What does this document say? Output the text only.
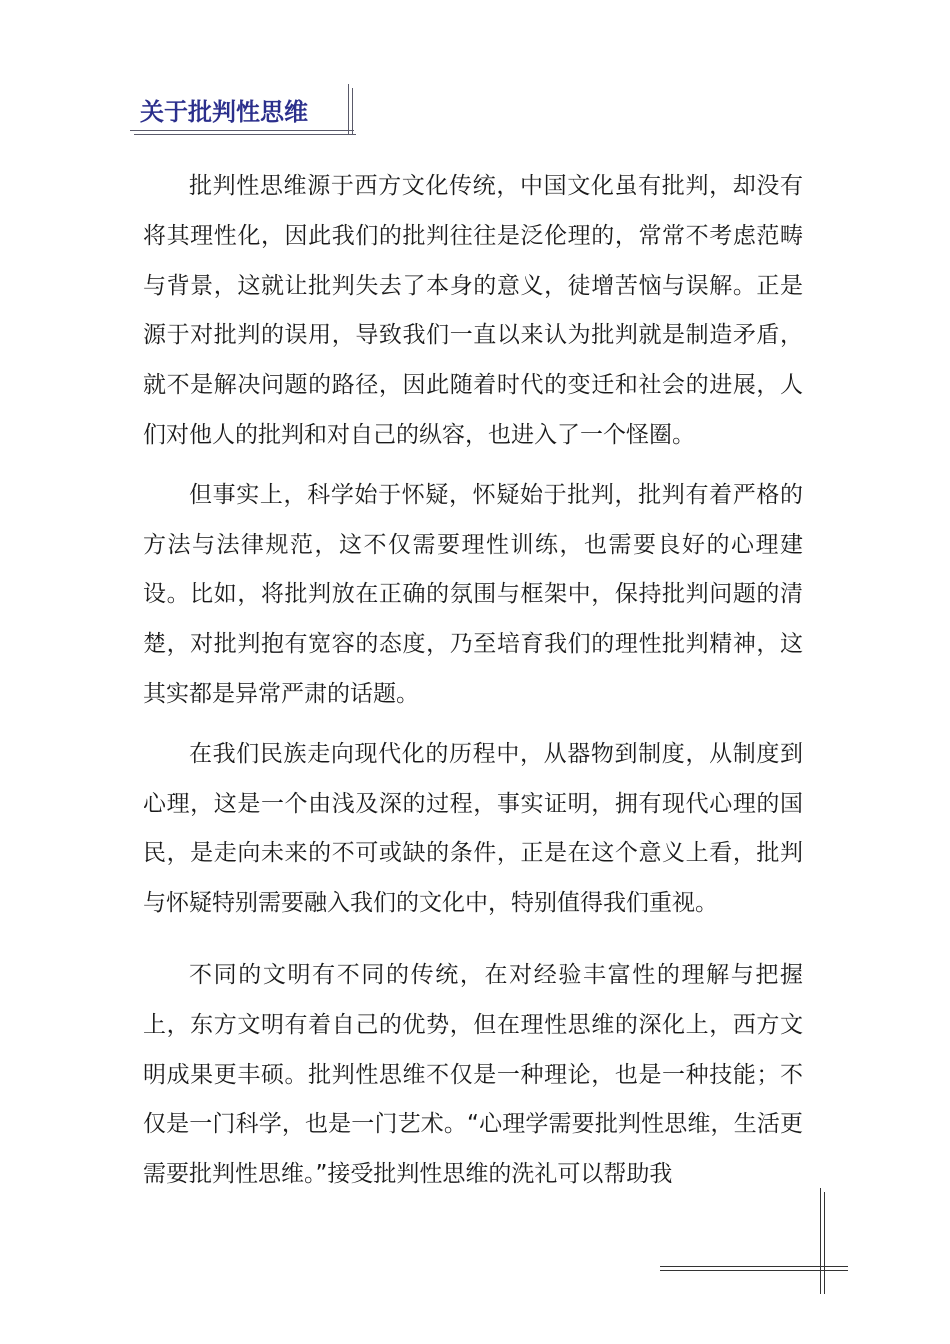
关于批判性思维

批判性思维源于西方文化传统，中国文化虽有批判，却没有将其理性化，因此我们的批判往往是泛伦理的，常常不考虑范畴与背景，这就让批判失去了本身的意义，徒增苦恼与误解。正是源于对批判的误用，导致我们一直以来认为批判就是制造矛盾，就不是解决问题的路径，因此随着时代的变迁和社会的进展，人们对他人的批判和对自己的纵容，也进入了一个怪圈。

但事实上，科学始于怀疑，怀疑始于批判，批判有着严格的方法与法律规范，这不仅需要理性训练，也需要良好的心理建设。比如，将批判放在正确的氛围与框架中，保持批判问题的清楚，对批判抱有宽容的态度，乃至培育我们的理性批判精神，这其实都是异常严肃的话题。

在我们民族走向现代化的历程中，从器物到制度，从制度到心理，这是一个由浅及深的过程，事实证明，拥有现代心理的国民，是走向未来的不可或缺的条件，正是在这个意义上看，批判与怀疑特别需要融入我们的文化中，特别值得我们重视。

不同的文明有不同的传统，在对经验丰富性的理解与把握上，东方文明有着自己的优势，但在理性思维的深化上，西方文明成果更丰硕。批判性思维不仅是一种理论，也是一种技能；不仅是一门科学，也是一门艺术。“心理学需要批判性思维，生活更需要批判性思维。”接受批判性思维的洗礼可以帮助我
